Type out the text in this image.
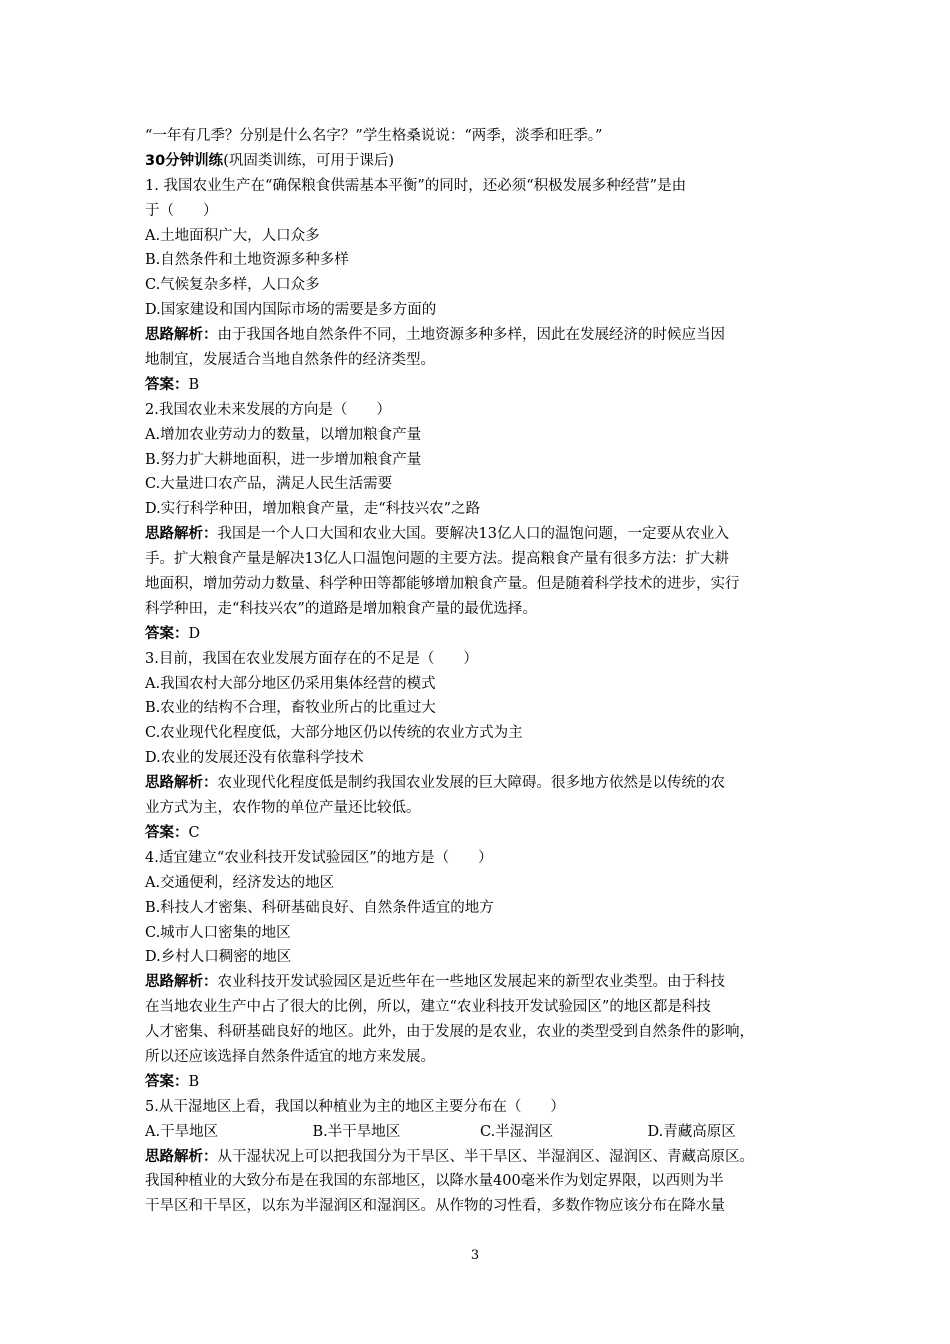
“一年有几季？分别是什么名字？”学生格桑说说：“两季，淡季和旺季。”
30分钟训练(巩固类训练，可用于课后)
1. 我国农业生产在“确保粮食供需基本平衡”的同时，还必须“积极发展多种经营”是由
于（　　）
A.土地面积广大，人口众多
B.自然条件和土地资源多种多样
C.气候复杂多样，人口众多
D.国家建设和国内国际市场的需要是多方面的
思路解析：由于我国各地自然条件不同，土地资源多种多样，因此在发展经济的时候应当因
地制宜，发展适合当地自然条件的经济类型。
答案：B
2.我国农业未来发展的方向是（　　）
A.增加农业劳动力的数量，以增加粮食产量
B.努力扩大耕地面积，进一步增加粮食产量
C.大量进口农产品，满足人民生活需要
D.实行科学种田，增加粮食产量，走“科技兴农”之路
思路解析：我国是一个人口大国和农业大国。要解决13亿人口的温饱问题，一定要从农业入
手。扩大粮食产量是解决13亿人口温饱问题的主要方法。提高粮食产量有很多方法：扩大耕
地面积，增加劳动力数量、科学种田等都能够增加粮食产量。但是随着科学技术的进步，实行
科学种田，走“科技兴农”的道路是增加粮食产量的最优选择。
答案：D
3.目前，我国在农业发展方面存在的不足是（　　）
A.我国农村大部分地区仍采用集体经营的模式
B.农业的结构不合理，畜牧业所占的比重过大
C.农业现代化程度低，大部分地区仍以传统的农业方式为主
D.农业的发展还没有依靠科学技术
思路解析：农业现代化程度低是制约我国农业发展的巨大障碍。很多地方依然是以传统的农
业方式为主，农作物的单位产量还比较低。
答案：C
4.适宜建立“农业科技开发试验园区”的地方是（　　）
A.交通便利，经济发达的地区
B.科技人才密集、科研基础良好、自然条件适宜的地方
C.城市人口密集的地区
D.乡村人口稠密的地区
思路解析：农业科技开发试验园区是近些年在一些地区发展起来的新型农业类型。由于科技
在当地农业生产中占了很大的比例，所以，建立“农业科技开发试验园区”的地区都是科技
人才密集、科研基础良好的地区。此外，由于发展的是农业，农业的类型受到自然条件的影响，
所以还应该选择自然条件适宜的地方来发展。
答案：B
5.从干湿地区上看，我国以种植业为主的地区主要分布在（　　）
A.干旱地区	B.半干旱地区	C.半湿润区	D.青藏高原区
思路解析：从干湿状况上可以把我国分为干旱区、半干旱区、半湿润区、湿润区、青藏高原区。
我国种植业的大致分布是在我国的东部地区，以降水量400毫米作为划定界限，以西则为半
干旱区和干旱区，以东为半湿润区和湿润区。从作物的习性看，多数作物应该分布在降水量
3
